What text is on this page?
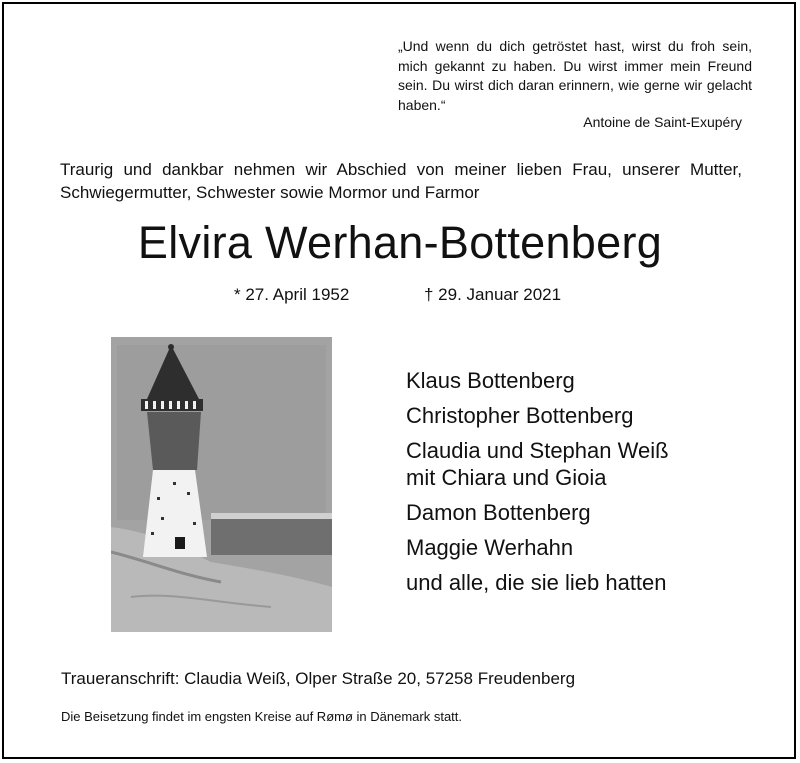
„Und wenn du dich getröstet hast, wirst du froh sein, mich gekannt zu haben. Du wirst immer mein Freund sein. Du wirst dich daran erinnern, wie gerne wir gelacht haben.“
Antoine de Saint-Exupéry
Traurig und dankbar nehmen wir Abschied von meiner lieben Frau, unserer Mutter, Schwiegermutter, Schwester sowie Mormor und Farmor
Elvira Werhan-Bottenberg
* 27. April 1952	† 29. Januar 2021
Klaus Bottenberg
Christopher Bottenberg
Claudia und Stephan Weiß
mit Chiara und Gioia
Damon Bottenberg
Maggie Werhahn
und alle, die sie lieb hatten
Traueranschrift: Claudia Weiß, Olper Straße 20, 57258 Freudenberg
Die Beisetzung findet im engsten Kreise auf Rømø in Dänemark statt.
